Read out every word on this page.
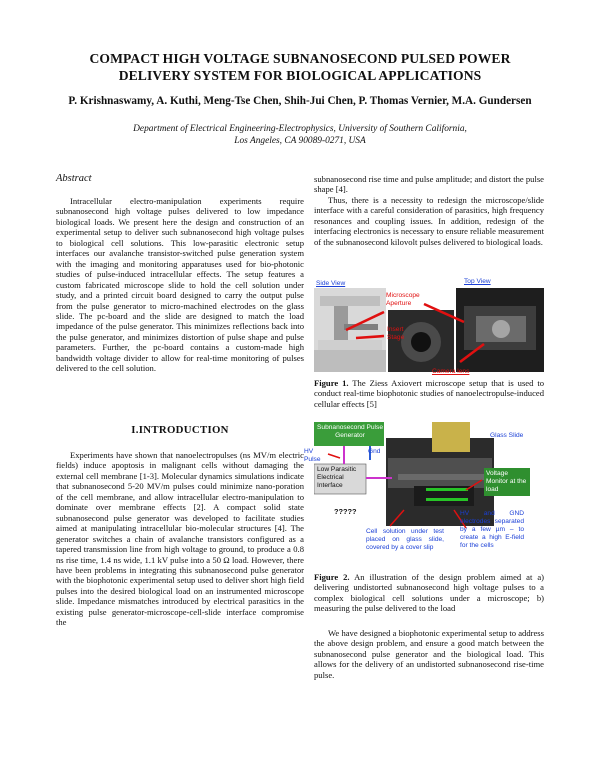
COMPACT HIGH VOLTAGE SUBNANOSECOND PULSED POWER DELIVERY SYSTEM FOR BIOLOGICAL APPLICATIONS
P. Krishnaswamy, A. Kuthi, Meng-Tse Chen, Shih-Jui Chen, P. Thomas Vernier, M.A. Gundersen
Department of Electrical Engineering-Electrophysics, University of Southern California,
Los Angeles, CA 90089-0271, USA
Abstract

Intracellular electro-manipulation experiments require subnanosecond high voltage pulses delivered to low impedance biological loads. We present here the design and construction of an experimental setup to deliver such subnanosecond high voltage pulses to biological cell solutions. This low-parasitic electronic setup interfaces our avalanche transistor-switched pulse generation system with the imaging and monitoring apparatuses used for bio-photonic studies of pulse-induced intracellular effects. The setup features a custom fabricated microscope slide to hold the cell solution under study, and a printed circuit board designed to carry the output pulse from the pulse generator to micro-machined electrodes on the glass slide. The pc-board and the slide are designed to match the load impedance of the pulse generator. This minimizes reflections back into the pulse generator, and minimizes distortion of pulse shape and pulse parameters. Further, the pc-board contains a custom-made high bandwidth voltage divider to allow for real-time monitoring of pulses delivered to the cell solution.

I.INTRODUCTION

Experiments have shown that nanoelectropulses (ns MV/m electric fields) induce apoptosis in malignant cells without damaging the external cell membrane [1-3]. Molecular dynamics simulations indicate that subnanosecond 5-20 MV/m pulses could minimize nano-poration of the cell membrane, and allow intracellular electro-manipulation to dominate over membrane effects [2]. A compact solid state subnanosecond pulse generator was developed to facilitate studies aimed at manipulating intracellular bio-molecular structures [4]. The generator switches a chain of avalanche transistors configured as a tapered transmission line from high voltage to ground, to produce a 0.8 ns rise time, 1.4 ns wide, 1.1 kV pulse into a 50 Ω load. However, there have been problems in integrating this subnanosecond pulse generator with the biophotonic experimental setup used to deliver short high field pulses into the desired biological load on an instrumented microscope slide. Impedance mismatches introduced by electrical parasitics in the existing pulse generator-microscope-cell-slide interface compromise the

subnanosecond rise time and pulse amplitude; and distort the pulse shape [4].

Thus, there is a necessity to redesign the microscope/slide interface with a careful consideration of parasitics, high frequency resonances and coupling issues. In addition, redesign of the interfacing electronics is necessary to ensure reliable measurement of the subnanosecond kilovolt pulses delivered to biological loads.

Side View	Top View
Microscope Aperture
Insert Stage
Camera lens
Figure 1. The Ziess Axiovert microscope setup that is used to conduct real-time biophotonic studies of nanoelectropulse-induced cellular effects [5]
Subnanosecond Pulse Generator	Glass Slide
HV Pulse
Gnd
Low Parasitic Electrical Interface
Voltage Monitor at the load
?????
Cell solution under test placed on glass slide, covered by a cover slip
HV and GND electrodes separated by a few µm – to create a high E-field for the cells
Figure 2. An illustration of the design problem aimed at a) delivering undistorted subnanosecond high voltage pulses to a complex biological cell solutions under a microscope; b) measuring the pulse delivered to the load

We have designed a biophotonic experimental setup to address the above design problem, and ensure a good match between the subnanosecond pulse generator and the biological load. This allows for the delivery of an undistorted subnanosecond rise-time pulse.
